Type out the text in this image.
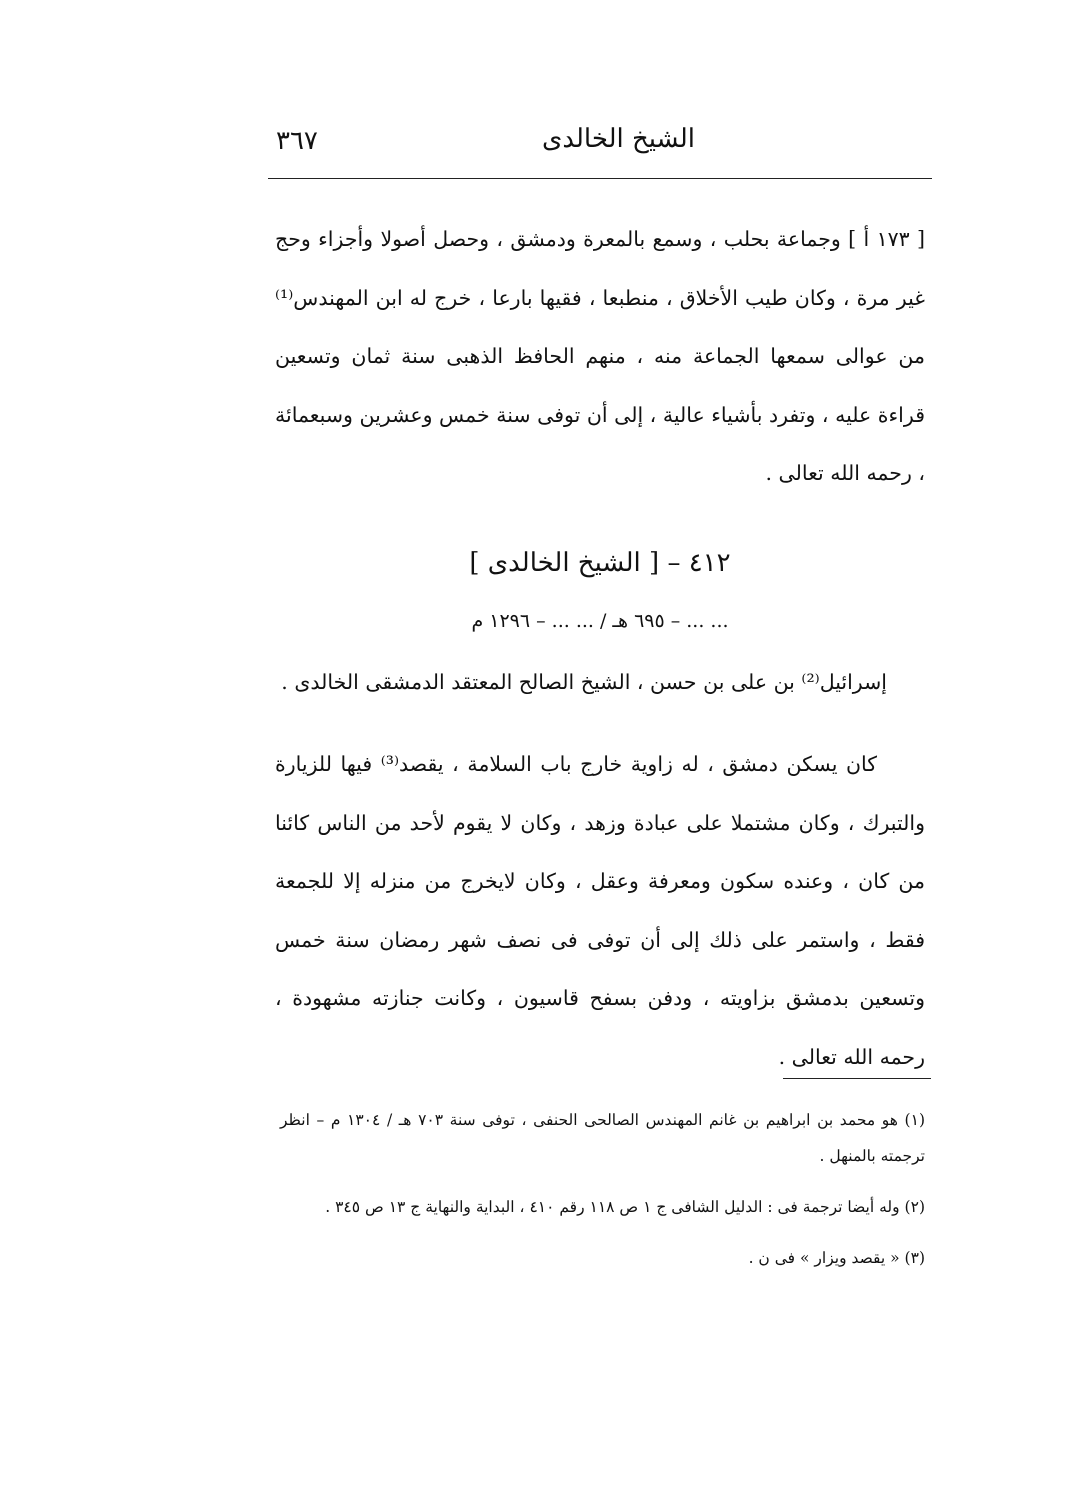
الشيخ الخالدى
٣٦٧

[ ١٧٣ أ ] وجماعة بحلب ، وسمع بالمعرة ودمشق ، وحصل أصولا وأجزاء وحج غير مرة ، وكان طيب الأخلاق ، منطبعا ، فقيها بارعا ، خرج له ابن المهندس⁽¹⁾ من عوالى سمعها الجماعة منه ، منهم الحافظ الذهبى سنة ثمان وتسعين قراءة عليه ، وتفرد بأشياء عالية ، إلى أن توفى سنة خمس وعشرين وسبعمائة ، رحمه الله تعالى .

٤١٢ – [ الشيخ الخالدى ]
... ... – ٦٩٥ هـ / ... ... – ١٢٩٦ م
إسرائيل⁽²⁾ بن على بن حسن ، الشيخ الصالح المعتقد الدمشقى الخالدى .

كان يسكن دمشق ، له زاوية خارج باب السلامة ، يقصد⁽³⁾ فيها للزيارة والتبرك ، وكان مشتملا على عبادة وزهد ، وكان لا يقوم لأحد من الناس كائنا من كان ، وعنده سكون ومعرفة وعقل ، وكان لايخرج من منزله إلا للجمعة فقط ، واستمر على ذلك إلى أن توفى فى نصف شهر رمضان سنة خمس وتسعين بدمشق بزاويته ، ودفن بسفح قاسيون ، وكانت جنازته مشهودة ، رحمه الله تعالى .

(١) هو محمد بن ابراهيم بن غانم المهندس الصالحى الحنفى ، توفى سنة ٧٠٣ هـ / ١٣٠٤ م – انظر ترجمته بالمنهل .

(٢) وله أيضا ترجمة فى : الدليل الشافى ج ١ ص ١١٨ رقم ٤١٠ ، البداية والنهاية ج ١٣ ص ٣٤٥ .

(٣) « يقصد ويزار » فى ن .
